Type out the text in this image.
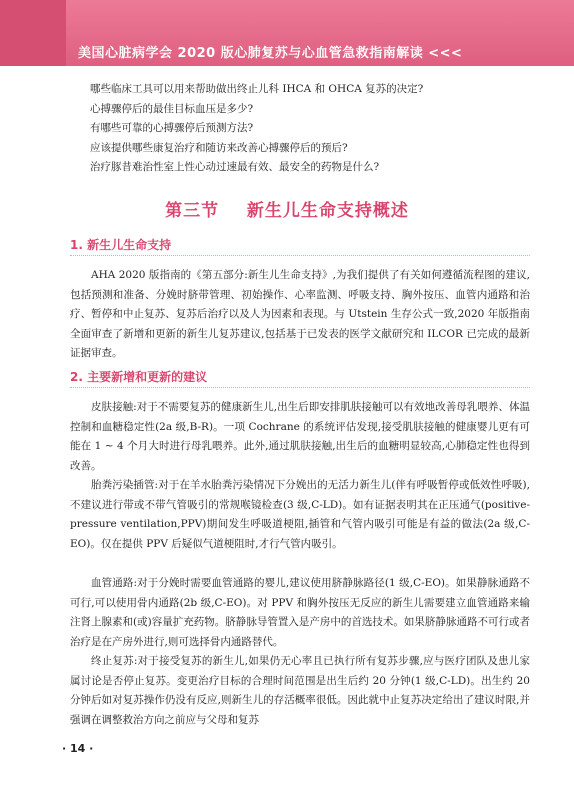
美国心脏病学会 2020 版心肺复苏与心血管急救指南解读 <<<
哪些临床工具可以用来帮助做出终止儿科 IHCA 和 OHCA 复苏的决定?
心搏骤停后的最佳目标血压是多少?
有哪些可靠的心搏骤停后预测方法?
应该提供哪些康复治疗和随访来改善心搏骤停后的预后?
治疗豚昔难治性室上性心动过速最有效、最安全的药物是什么?
第三节    新生儿生命支持概述
1. 新生儿生命支持

AHA 2020 版指南的《第五部分:新生儿生命支持》,为我们提供了有关如何遵循流程图的建议,包括预测和准备、分娩时脐带管理、初始操作、心率监测、呼吸支持、胸外按压、血管内通路和治疗、暂停和中止复苏、复苏后治疗以及人为因素和表现。与 Utstein 生存公式一致,2020 年版指南全面审查了新增和更新的新生儿复苏建议,包括基于已发表的医学文献研究和 ILCOR 已完成的最新证据审查。

2. 主要新增和更新的建议

皮肤接触:对于不需要复苏的健康新生儿,出生后即安排肌肤接触可以有效地改善母乳喂养、体温控制和血糖稳定性(2a 级,B-R)。一项 Cochrane 的系统评估发现,接受肌肤接触的健康婴儿更有可能在 1 ~ 4 个月大时进行母乳喂养。此外,通过肌肤接触,出生后的血糖明显较高,心肺稳定性也得到改善。

胎粪污染插管:对于在羊水胎粪污染情况下分娩出的无活力新生儿(伴有呼吸暂停或低效性呼吸),不建议进行带或不带气管吸引的常规喉镜检查(3 级,C-LD)。如有证据表明其在正压通气(positive-pressure ventilation,PPV)期间发生呼吸道梗阻,插管和气管内吸引可能是有益的做法(2a 级,C-EO)。仅在提供 PPV 后疑似气道梗阻时,才行气管内吸引。

血管通路:对于分娩时需要血管通路的婴儿,建议使用脐静脉路径(1 级,C-EO)。如果静脉通路不可行,可以使用骨内通路(2b 级,C-EO)。对 PPV 和胸外按压无反应的新生儿需要建立血管通路来输注肾上腺素和(或)容量扩充药物。脐静脉导管置入是产房中的首选技术。如果脐静脉通路不可行或者治疗是在产房外进行,则可选择骨内通路替代。

终止复苏:对于接受复苏的新生儿,如果仍无心率且已执行所有复苏步骤,应与医疗团队及患儿家属讨论是否停止复苏。变更治疗目标的合理时间范围是出生后约 20 分钟(1 级,C-LD)。出生约 20 分钟后如对复苏操作仍没有反应,则新生儿的存活概率很低。因此就中止复苏决定给出了建议时限,并强调在调整救治方向之前应与父母和复苏

· 14 ·
